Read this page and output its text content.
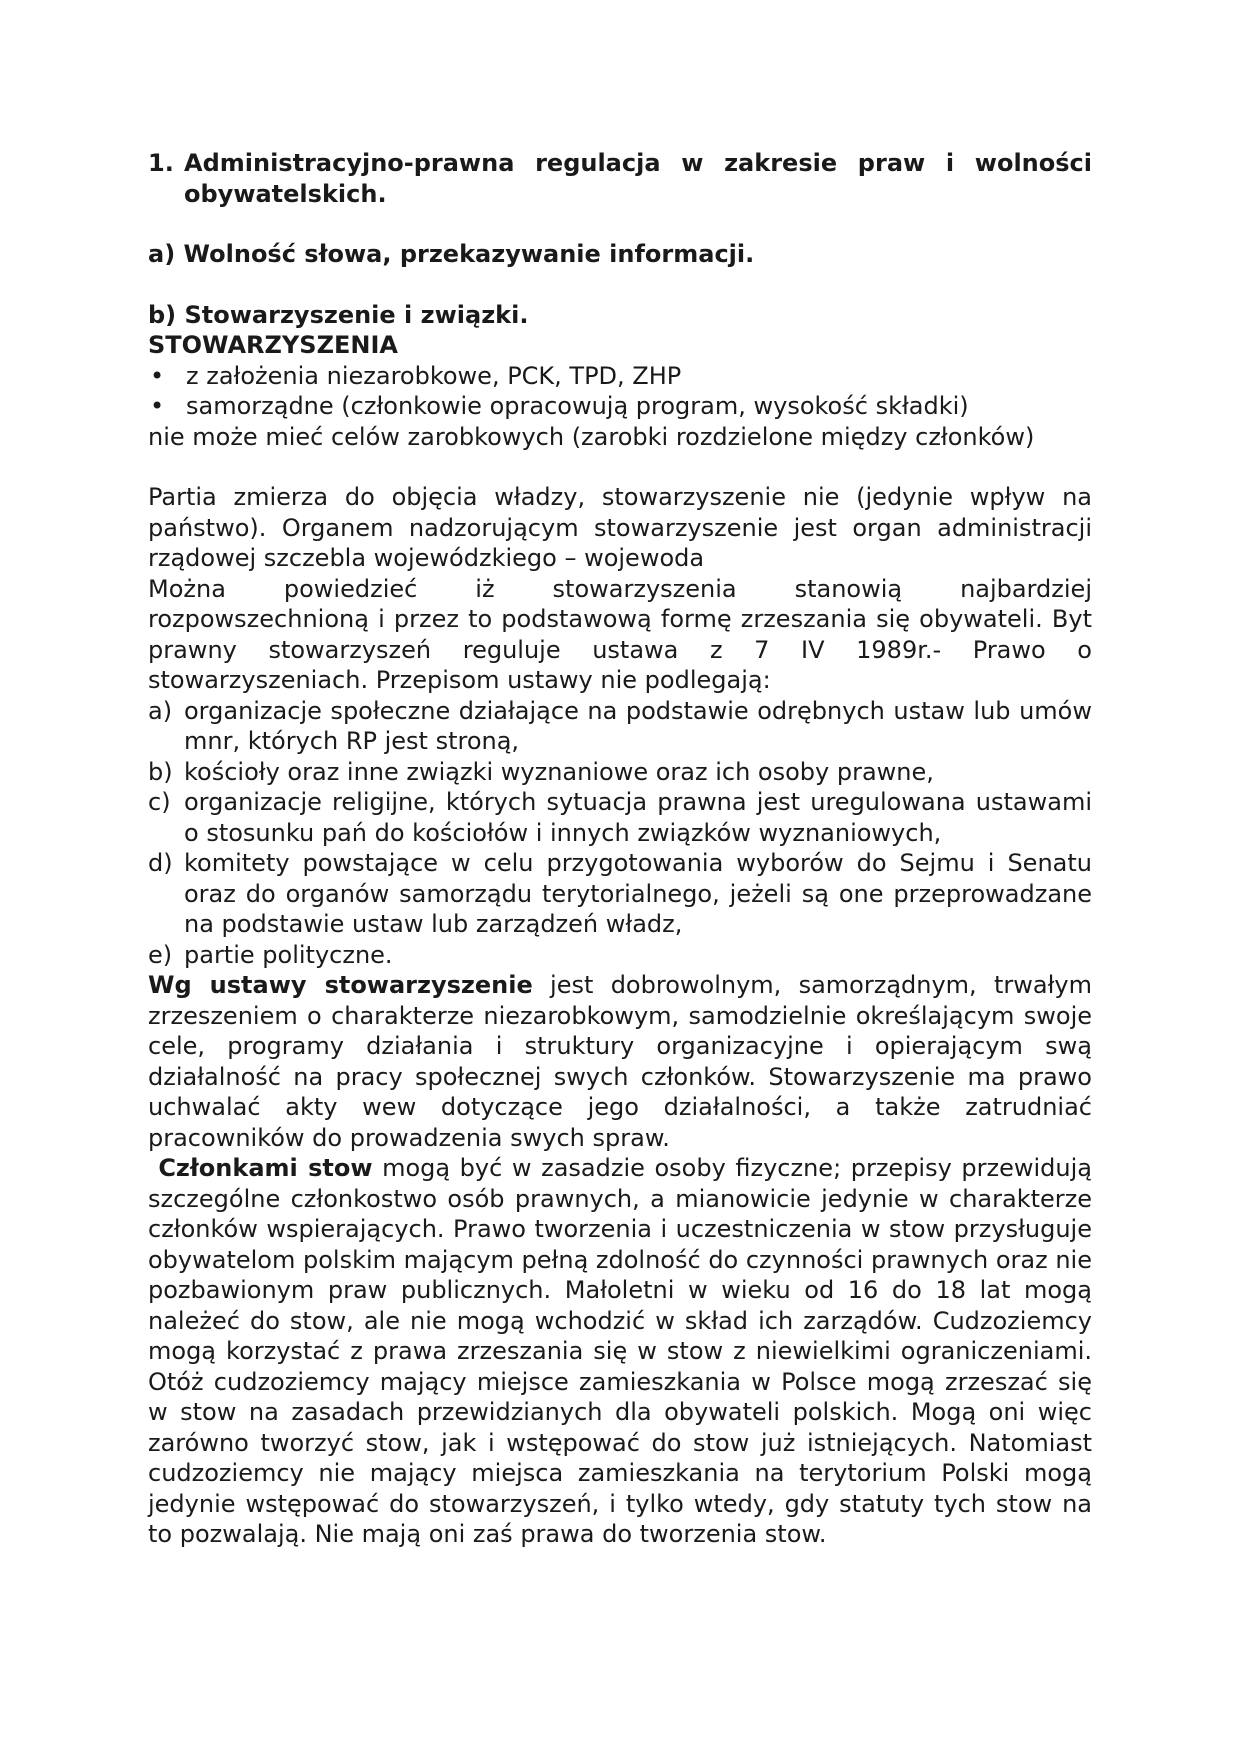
1. Administracyjno-prawna regulacja w zakresie praw i wolności obywatelskich.

a) Wolność słowa, przekazywanie informacji.

b) Stowarzyszenie i związki.

STOWARZYSZENIA

• z założenia niezarobkowe, PCK, TPD, ZHP
• samorządne (członkowie opracowują program, wysokość składki)

nie może mieć celów zarobkowych (zarobki rozdzielone między członków)

Partia zmierza do objęcia władzy, stowarzyszenie nie (jedynie wpływ na państwo). Organem nadzorującym stowarzyszenie jest organ administracji rządowej szczebla wojewódzkiego – wojewoda

Można powiedzieć iż stowarzyszenia stanowią najbardziej

rozpowszechnioną i przez to podstawową formę zrzeszania się obywateli. Byt prawny stowarzyszeń reguluje ustawa z 7 IV 1989r.- Prawo o stowarzyszeniach. Przepisom ustawy nie podlegają:

a) organizacje społeczne działające na podstawie odrębnych ustaw lub umów mnr, których RP jest stroną,
b) kościoły oraz inne związki wyznaniowe oraz ich osoby prawne,
c) organizacje religijne, których sytuacja prawna jest uregulowana ustawami o stosunku pań do kościołów i innych związków wyznaniowych,
d) komitety powstające w celu przygotowania wyborów do Sejmu i Senatu oraz do organów samorządu terytorialnego, jeżeli są one przeprowadzane na podstawie ustaw lub zarządzeń władz,
e) partie polityczne.

Wg ustawy stowarzyszenie jest dobrowolnym, samorządnym, trwałym zrzeszeniem o charakterze niezarobkowym, samodzielnie określającym swoje cele, programy działania i struktury organizacyjne i opierającym swą działalność na pracy społecznej swych członków. Stowarzyszenie ma prawo uchwalać akty wew dotyczące jego działalności, a także zatrudniać pracowników do prowadzenia swych spraw.

Członkami stow mogą być w zasadzie osoby fizyczne; przepisy przewidują szczególne członkostwo osób prawnych, a mianowicie jedynie w charakterze członków wspierających. Prawo tworzenia i uczestniczenia w stow przysługuje obywatelom polskim mającym pełną zdolność do czynności prawnych oraz nie pozbawionym praw publicznych. Małoletni w wieku od 16 do 18 lat mogą należeć do stow, ale nie mogą wchodzić w skład ich zarządów. Cudzoziemcy mogą korzystać z prawa zrzeszania się w stow z niewielkimi ograniczeniami. Otóż cudzoziemcy mający miejsce zamieszkania w Polsce mogą zrzeszać się w stow na zasadach przewidzianych dla obywateli polskich. Mogą oni więc zarówno tworzyć stow, jak i wstępować do stow już istniejących. Natomiast cudzoziemcy nie mający miejsca zamieszkania na terytorium Polski mogą jedynie wstępować do stowarzyszeń, i tylko wtedy, gdy statuty tych stow na to pozwalają. Nie mają oni zaś prawa do tworzenia stow.
